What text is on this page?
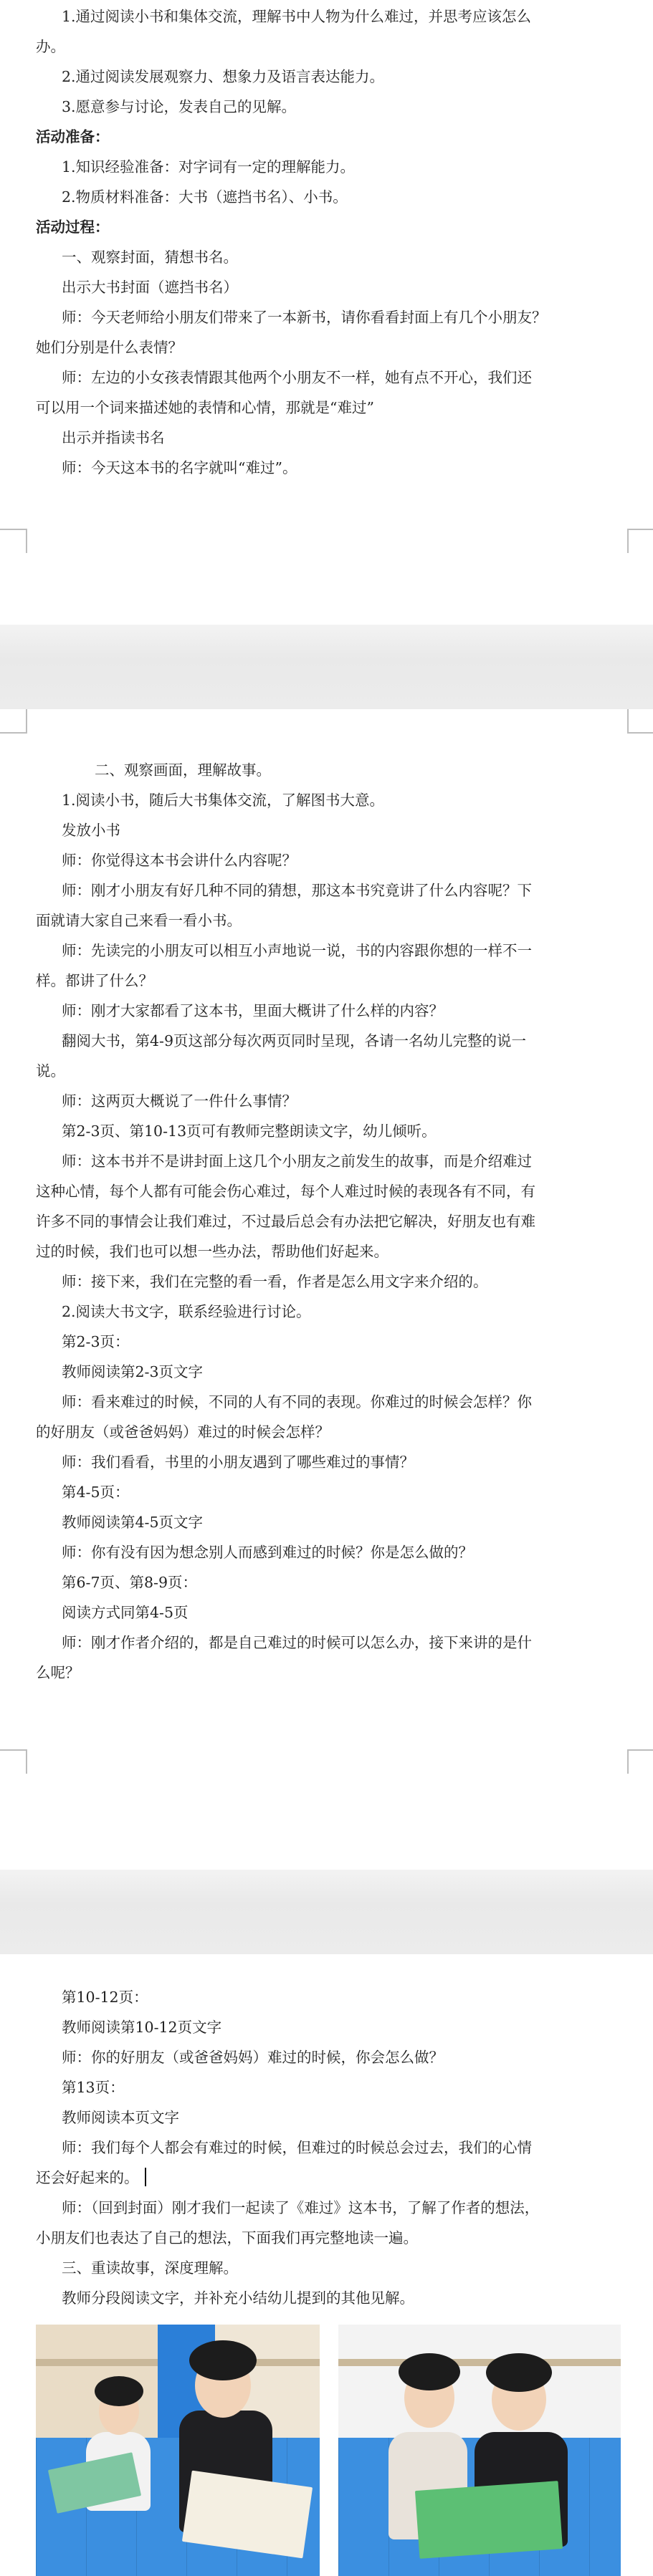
1.通过阅读小书和集体交流，理解书中人物为什么难过，并思考应该怎么
办。
2.通过阅读发展观察力、想象力及语言表达能力。
3.愿意参与讨论，发表自己的见解。
活动准备：
1.知识经验准备：对字词有一定的理解能力。
2.物质材料准备：大书（遮挡书名）、小书。
活动过程：
一、观察封面，猜想书名。
出示大书封面（遮挡书名）
师：今天老师给小朋友们带来了一本新书，请你看看封面上有几个小朋友？
她们分别是什么表情？
师：左边的小女孩表情跟其他两个小朋友不一样，她有点不开心，我们还
可以用一个词来描述她的表情和心情，那就是“难过”
出示并指读书名
师：今天这本书的名字就叫“难过”。
二、观察画面，理解故事。
1.阅读小书，随后大书集体交流，了解图书大意。
发放小书
师：你觉得这本书会讲什么内容呢？
师：刚才小朋友有好几种不同的猜想，那这本书究竟讲了什么内容呢？下
面就请大家自己来看一看小书。
师：先读完的小朋友可以相互小声地说一说，书的内容跟你想的一样不一
样。都讲了什么？
师：刚才大家都看了这本书，里面大概讲了什么样的内容？
翻阅大书，第4-9页这部分每次两页同时呈现，各请一名幼儿完整的说一
说。
师：这两页大概说了一件什么事情？
第2-3页、第10-13页可有教师完整朗读文字，幼儿倾听。
师：这本书并不是讲封面上这几个小朋友之前发生的故事，而是介绍难过
这种心情，每个人都有可能会伤心难过，每个人难过时候的表现各有不同，有
许多不同的事情会让我们难过，不过最后总会有办法把它解决，好朋友也有难
过的时候，我们也可以想一些办法，帮助他们好起来。
师：接下来，我们在完整的看一看，作者是怎么用文字来介绍的。
2.阅读大书文字，联系经验进行讨论。
第2-3页：
教师阅读第2-3页文字
师：看来难过的时候，不同的人有不同的表现。你难过的时候会怎样？你
的好朋友（或爸爸妈妈）难过的时候会怎样？
师：我们看看，书里的小朋友遇到了哪些难过的事情？
第4-5页：
教师阅读第4-5页文字
师：你有没有因为想念别人而感到难过的时候？你是怎么做的？
第6-7页、第8-9页：
阅读方式同第4-5页
师：刚才作者介绍的，都是自己难过的时候可以怎么办，接下来讲的是什
么呢？
第10-12页：
教师阅读第10-12页文字
师：你的好朋友（或爸爸妈妈）难过的时候，你会怎么做？
第13页：
教师阅读本页文字
师：我们每个人都会有难过的时候，但难过的时候总会过去，我们的心情
还会好起来的。
师：（回到封面）刚才我们一起读了《难过》这本书，了解了作者的想法，
小朋友们也表达了自己的想法，下面我们再完整地读一遍。
三、重读故事，深度理解。
教师分段阅读文字，并补充小结幼儿提到的其他见解。
